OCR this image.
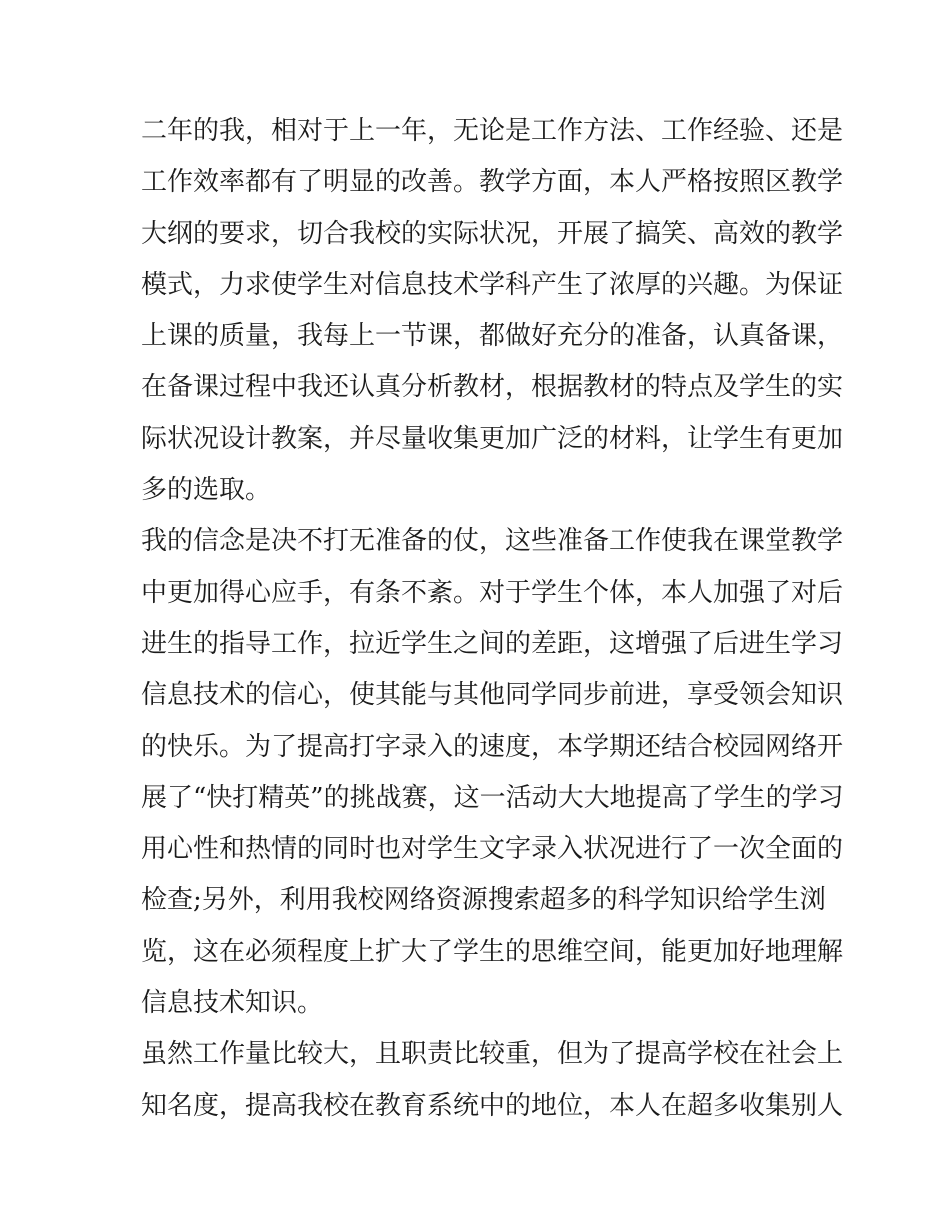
二年的我，相对于上一年，无论是工作方法、工作经验、还是
工作效率都有了明显的改善。教学方面，本人严格按照区教学
大纲的要求，切合我校的实际状况，开展了搞笑、高效的教学
模式，力求使学生对信息技术学科产生了浓厚的兴趣。为保证
上课的质量，我每上一节课，都做好充分的准备，认真备课，
在备课过程中我还认真分析教材，根据教材的特点及学生的实
际状况设计教案，并尽量收集更加广泛的材料，让学生有更加
多的选取。
我的信念是决不打无准备的仗，这些准备工作使我在课堂教学
中更加得心应手，有条不紊。对于学生个体，本人加强了对后
进生的指导工作，拉近学生之间的差距，这增强了后进生学习
信息技术的信心，使其能与其他同学同步前进，享受领会知识
的快乐。为了提高打字录入的速度，本学期还结合校园网络开
展了“快打精英”的挑战赛，这一活动大大地提高了学生的学习
用心性和热情的同时也对学生文字录入状况进行了一次全面的
检查;另外，利用我校网络资源搜索超多的科学知识给学生浏
览，这在必须程度上扩大了学生的思维空间，能更加好地理解
信息技术知识。
虽然工作量比较大，且职责比较重，但为了提高学校在社会上
知名度，提高我校在教育系统中的地位，本人在超多收集别人
